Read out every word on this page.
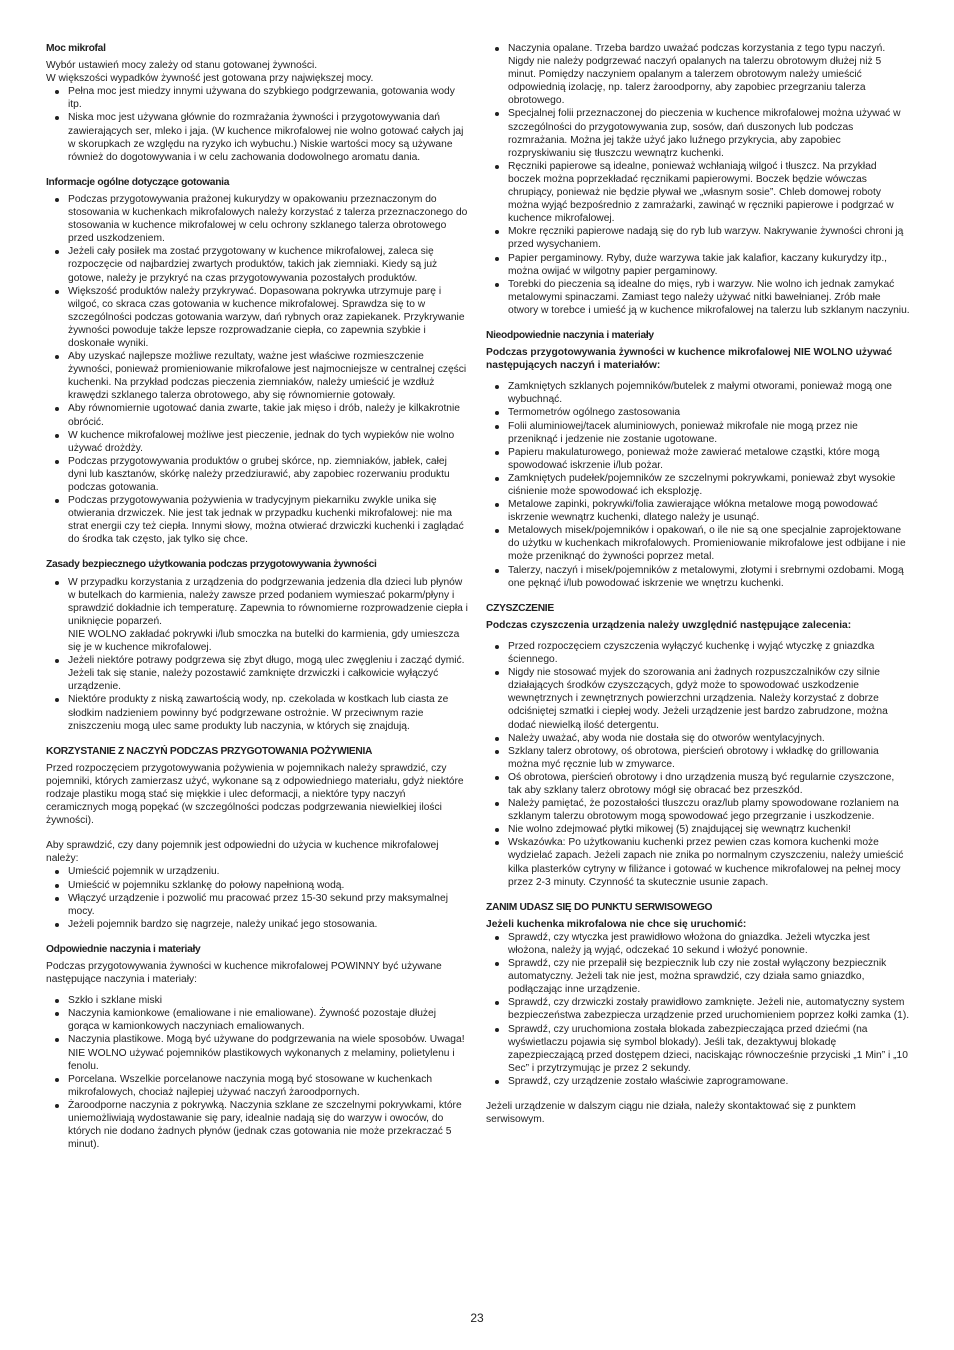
Moc mikrofal
Wybór ustawień mocy zależy od stanu gotowanej żywności.
W większości wypadków żywność jest gotowana przy największej mocy.
Pełna moc jest miedzy innymi używana do szybkiego podgrzewania, gotowania wody itp.
Niska moc jest używana głównie do rozmrażania żywności i przygotowywania dań zawierających ser, mleko i jaja. (W kuchence mikrofalowej nie wolno gotować całych jaj w skorupkach ze względu na ryzyko ich wybuchu.) Niskie wartości mocy są używane również do dogotowywania i w celu zachowania dodowolnego aromatu dania.
Informacje ogólne dotyczące gotowania
Podczas przygotowywania prażonej kukurydzy w opakowaniu przeznaczonym do stosowania w kuchenkach mikrofalowych należy korzystać z talerza przeznaczonego do stosowania w kuchence mikrofalowej w celu ochrony szklanego talerza obrotowego przed uszkodzeniem.
Jeżeli cały posiłek ma zostać przygotowany w kuchence mikrofalowej, zaleca się rozpoczęcie od najbardziej zwartych produktów, takich jak ziemniaki. Kiedy są już gotowe, należy je przykryć na czas przygotowywania pozostałych produktów.
Większość produktów należy przykrywać. Dopasowana pokrywka utrzymuje parę i wilgoć, co skraca czas gotowania w kuchence mikrofalowej. Sprawdza się to w szczególności podczas gotowania warzyw, dań rybnych oraz zapiekanek. Przykrywanie żywności powoduje także lepsze rozprowadzanie ciepła, co zapewnia szybkie i doskonałe wyniki.
Aby uzyskać najlepsze możliwe rezultaty, ważne jest właściwe rozmieszczenie żywności, ponieważ promieniowanie mikrofalowe jest najmocniejsze w centralnej części kuchenki. Na przykład podczas pieczenia ziemniaków, należy umieścić je wzdłuż krawędzi szklanego talerza obrotowego, aby się równomiernie gotowały.
Aby równomiernie ugotować dania zwarte, takie jak mięso i drób, należy je kilkakrotnie obrócić.
W kuchence mikrofalowej możliwe jest pieczenie, jednak do tych wypieków nie wolno używać drożdży.
Podczas przygotowywania produktów o grubej skórce, np. ziemniaków, jabłek, całej dyni lub kasztanów, skórkę należy przedziurawić, aby zapobiec rozerwaniu produktu podczas gotowania.
Podczas przygotowywania pożywienia w tradycyjnym piekarniku zwykle unika się otwierania drzwiczek. Nie jest tak jednak w przypadku kuchenki mikrofalowej: nie ma strat energii czy też ciepła. Innymi słowy, można otwierać drzwiczki kuchenki i zaglądać do środka tak często, jak tylko się chce.
Zasady bezpiecznego użytkowania podczas przygotowywania żywności
W przypadku korzystania z urządzenia do podgrzewania jedzenia dla dzieci lub płynów w butelkach do karmienia, należy zawsze przed podaniem wymieszać pokarm/płyny i sprawdzić dokładnie ich temperaturę. Zapewnia to równomierne rozprowadzenie ciepła i uniknięcie poparzeń.
NIE WOLNO zakładać pokrywki i/lub smoczka na butelki do karmienia, gdy umieszcza się je w kuchence mikrofalowej.
Jeżeli niektóre potrawy podgrzewa się zbyt długo, mogą ulec zwęgleniu i zacząć dymić. Jeżeli tak się stanie, należy pozostawić zamknięte drzwiczki i całkowicie wyłączyć urządzenie.
Niektóre produkty z niską zawartością wody, np. czekolada w kostkach lub ciasta ze słodkim nadzieniem powinny być podgrzewane ostrożnie. W przeciwnym razie zniszczeniu mogą ulec same produkty lub naczynia, w których się znajdują.
KORZYSTANIE Z NACZYŃ PODCZAS PRZYGOTOWANIA POŻYWIENIA

Przed rozpoczęciem przygotowywania pożywienia w pojemnikach należy sprawdzić, czy pojemniki, których zamierzasz użyć, wykonane są z odpowiedniego materiału, gdyż niektóre rodzaje plastiku mogą stać się miękkie i ulec deformacji, a niektóre typy naczyń ceramicznych mogą popękać (w szczególności podczas podgrzewania niewielkiej ilości żywności).

Aby sprawdzić, czy dany pojemnik jest odpowiedni do użycia w kuchence mikrofalowej należy:
Umieścić pojemnik w urządzeniu.
Umieścić w pojemniku szklankę do połowy napełnioną wodą.
Włączyć urządzenie i pozwolić mu pracować przez 15-30 sekund przy maksymalnej mocy.
Jeżeli pojemnik bardzo się nagrzeje, należy unikać jego stosowania.
Odpowiednie naczynia i materiały

Podczas przygotowywania żywności w kuchence mikrofalowej POWINNY być używane następujące naczynia i materiały:

Szkło i szklane miski
Naczynia kamionkowe (emaliowane i nie emaliowane). Żywność pozostaje dłużej gorąca w kamionkowych naczyniach emaliowanych.
Naczynia plastikowe. Mogą być używane do podgrzewania na wiele sposobów. Uwaga! NIE WOLNO używać pojemników plastikowych wykonanych z melaminy, polietylenu i fenolu.
Porcelana. Wszelkie porcelanowe naczynia mogą być stosowane w kuchenkach mikrofalowych, chociaż najlepiej używać naczyń żaroodpornych.
Żaroodporne naczynia z pokrywką. Naczynia szklane ze szczelnymi pokrywkami, które uniemożliwiają wydostawanie się pary, idealnie nadają się do warzyw i owoców, do których nie dodano żadnych płynów (jednak czas gotowania nie może przekraczać 5 minut).
Naczynia opalane. Trzeba bardzo uważać podczas korzystania z tego typu naczyń. Nigdy nie należy podgrzewać naczyń opalanych na talerzu obrotowym dłużej niż 5 minut. Pomiędzy naczyniem opalanym a talerzem obrotowym należy umieścić odpowiednią izolację, np. talerz żaroodporny, aby zapobiec przegrzaniu talerza obrotowego.
Specjalnej folii przeznaczonej do pieczenia w kuchence mikrofalowej można używać w szczególności do przygotowywania zup, sosów, dań duszonych lub podczas rozmrażania. Można jej także użyć jako luźnego przykrycia, aby zapobiec rozpryskiwaniu się tłuszczu wewnątrz kuchenki.
Ręczniki papierowe są idealne, ponieważ wchłaniają wilgoć i tłuszcz. Na przykład boczek można poprzekładać ręcznikami papierowymi. Boczek będzie wówczas chrupiący, ponieważ nie będzie pływał we „własnym sosie”. Chleb domowej roboty można wyjąć bezpośrednio z zamrażarki, zawinąć w ręczniki papierowe i podgrzać w kuchence mikrofalowej.
Mokre ręczniki papierowe nadają się do ryb lub warzyw. Nakrywanie żywności chroni ją przed wysychaniem.
Papier pergaminowy. Ryby, duże warzywa takie jak kalafior, kaczany kukurydzy itp., można owijać w wilgotny papier pergaminowy.
Torebki do pieczenia są idealne do mięs, ryb i warzyw. Nie wolno ich jednak zamykać metalowymi spinaczami. Zamiast tego należy używać nitki bawełnianej. Zrób małe otwory w torebce i umieść ją w kuchence mikrofalowej na talerzu lub szklanym naczyniu.
Nieodpowiednie naczynia i materiały
Podczas przygotowywania żywności w kuchence mikrofalowej NIE WOLNO używać następujących naczyń i materiałów:
Zamkniętych szklanych pojemników/butelek z małymi otworami, ponieważ mogą one wybuchnąć.
Termometrów ogólnego zastosowania
Folii aluminiowej/tacek aluminiowych, ponieważ mikrofale nie mogą przez nie przeniknąć i jedzenie nie zostanie ugotowane.
Papieru makulaturowego, ponieważ może zawierać metalowe cząstki, które mogą spowodować iskrzenie i/lub pożar.
Zamkniętych pudełek/pojemników ze szczelnymi pokrywkami, ponieważ zbyt wysokie ciśnienie może spowodować ich eksplozję.
Metalowe zapinki, pokrywki/folia zawierające włókna metalowe mogą powodować iskrzenie wewnątrz kuchenki, dlatego należy je usunąć.
Metalowych misek/pojemników i opakowań, o ile nie są one specjalnie zaprojektowane do użytku w kuchenkach mikrofalowych. Promieniowanie mikrofalowe jest odbijane i nie może przeniknąć do żywności poprzez metal.
Talerzy, naczyń i misek/pojemników z metalowymi, złotymi i srebrnymi ozdobami. Mogą one pęknąć i/lub powodować iskrzenie we wnętrzu kuchenki.
CZYSZCZENIE
Podczas czyszczenia urządzenia należy uwzględnić następujące zalecenia:
Przed rozpoczęciem czyszczenia wyłączyć kuchenkę i wyjąć wtyczkę z gniazdka ściennego.
Nigdy nie stosować myjek do szorowania ani żadnych rozpuszczalników czy silnie działających środków czyszczących, gdyż może to spowodować uszkodzenie wewnętrznych i zewnętrznych powierzchni urządzenia. Należy korzystać z dobrze odciśniętej szmatki i ciepłej wody. Jeżeli urządzenie jest bardzo zabrudzone, można dodać niewielką ilość detergentu.
Należy uważać, aby woda nie dostała się do otworów wentylacyjnych.
Szklany talerz obrotowy, oś obrotowa, pierścień obrotowy i wkładkę do grillowania można myć ręcznie lub w zmywarce.
Oś obrotowa, pierścień obrotowy i dno urządzenia muszą być regularnie czyszczone, tak aby szklany talerz obrotowy mógł się obracać bez przeszkód.
Należy pamiętać, że pozostałości tłuszczu oraz/lub plamy spowodowane rozlaniem na szklanym talerzu obrotowym mogą spowodować jego przegrzanie i uszkodzenie.
Nie wolno zdejmować płytki mikowej (5) znajdującej się wewnątrz kuchenki!
Wskazówka: Po użytkowaniu kuchenki przez pewien czas komora kuchenki może wydzielać zapach. Jeżeli zapach nie znika po normalnym czyszczeniu, należy umieścić kilka plasterków cytryny w filiżance i gotować w kuchence mikrofalowej na pełnej mocy przez 2-3 minuty. Czynność ta skutecznie usunie zapach.
ZANIM UDASZ SIĘ DO PUNKTU SERWISOWEGO
Jeżeli kuchenka mikrofalowa nie chce się uruchomić:
Sprawdź, czy wtyczka jest prawidłowo włożona do gniazdka. Jeżeli wtyczka jest włożona, należy ją wyjąć, odczekać 10 sekund i włożyć ponownie.
Sprawdź, czy nie przepalił się bezpiecznik lub czy nie został wyłączony bezpiecznik automatyczny. Jeżeli tak nie jest, można sprawdzić, czy działa samo gniazdko, podłączając inne urządzenie.
Sprawdź, czy drzwiczki zostały prawidłowo zamknięte. Jeżeli nie, automatyczny system bezpieczeństwa zabezpiecza urządzenie przed uruchomieniem poprzez kołki zamka (1).
Sprawdź, czy uruchomiona została blokada zabezpieczająca przed dziećmi (na wyświetlaczu pojawia się symbol blokady). Jeśli tak, dezaktywuj blokadę zapezpieczającą przed dostępem dzieci, naciskając równocześnie przyciski „1 Min” i „10 Sec” i przytrzymując je przez 2 sekundy.
Sprawdź, czy urządzenie zostało właściwie zaprogramowane.

Jeżeli urządzenie w dalszym ciągu nie działa, należy skontaktować się z punktem serwisowym.

23
